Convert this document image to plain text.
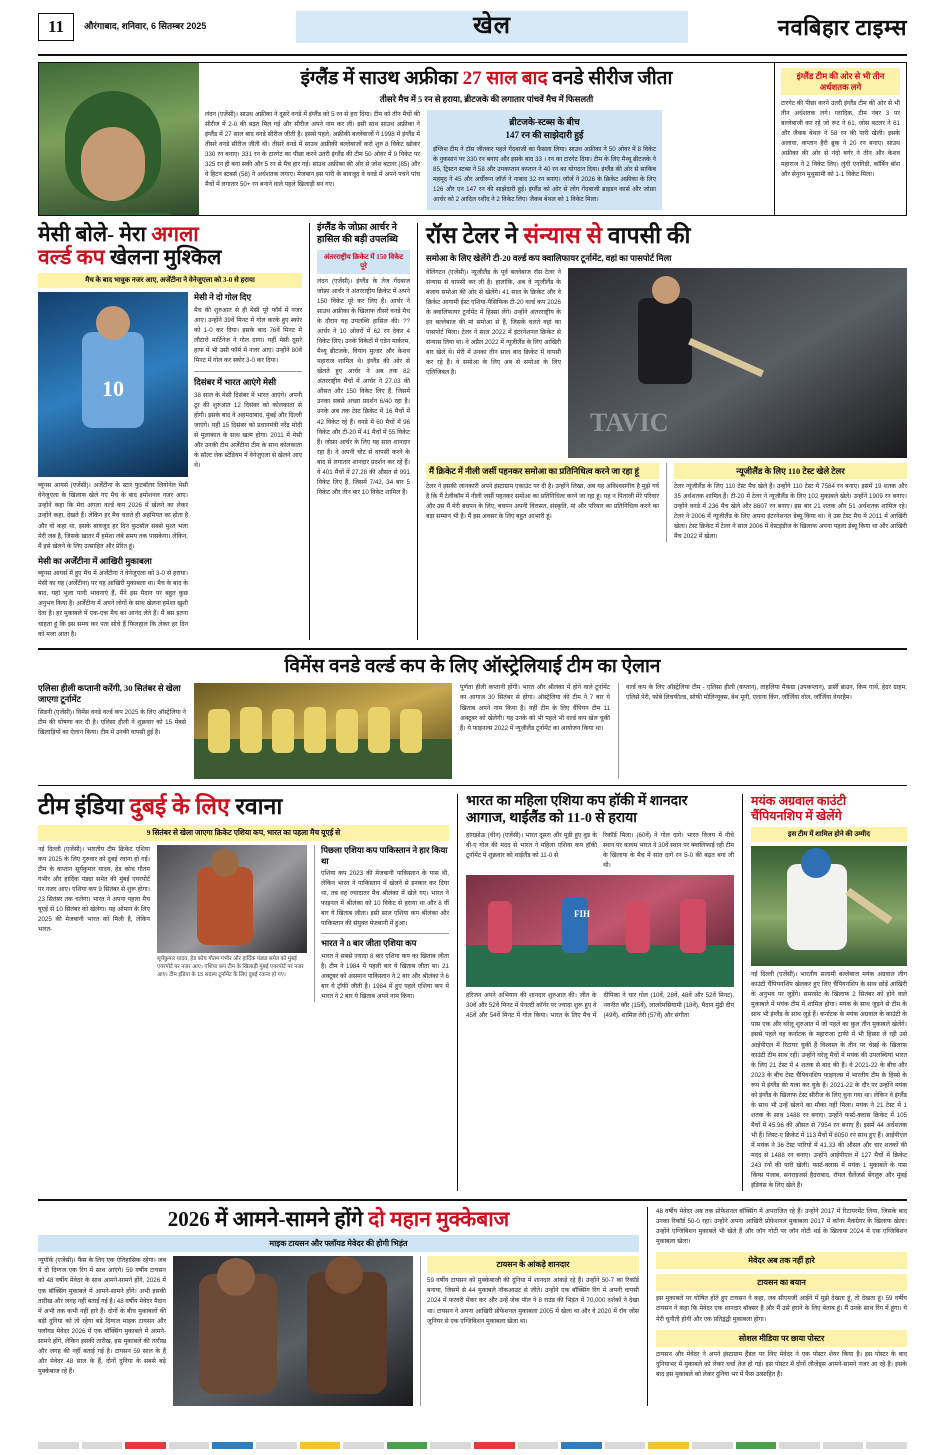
11	औरंगाबाद, शनिवार, 6 सितम्बर 2025	खेल	नवबिहार टाइम्स
इंग्लैंड में साउथ अफ्रीका 27 साल बाद वनडे सीरीज जीता
तीसरे मैच में 5 रन से हराया, ब्रीटजके की लगातार पांचवें मैच में फिसलती
लंदन (एजेंसी)। साउथ अफ्रीका ने दूसरे वनडे में इंग्लैंड को 5 रन से हरा दिया। टीम को तीन मैचों की सीरीज में 2-0 की बढ़त मिल गई और सीरीज अपने नाम कर ली। इसी साथ साउथ अफ्रीका ने इंग्लैंड में 27 साल बाद वनडे सीरीज जीती है। इससे पहले, अफ्रीकी बल्लेबाजों ने 1998 में इंग्लैंड में तीसरे वनडे सीरीज जीती थी। तीसरे वनडे में साउथ अफ्रीकी बल्लेबाजों करो शुरु 8 विकेट खोकर 330 रन बनाए। 331 रन के टारगेट का पीछा करने उतरी इंग्लैंड की टीम 50 ओवर में 9 विकेट पर 325 रन ही बना सकी और 5 रन से मैच हार गई। साउथ अफ्रीका की ओर से जोश बटलर (85) और वे हिटन स्टबर्स (58) ने अर्धशतक लगाए। मेजबान इस पारी के बावजूद वे वनडे में अपने पचने पांच मैचों में लगातार 50+ रन बनाने वाले पहले खिलाड़ी बन गए।
ब्रीटजके-स्टब्स के बीच
147 रन की साझेदारी हुई
इंग्लिश टीम ने टॉस जीतकर पहले गेंदबाजी का फैसला लिया। साउथ अफ्रीका ने 50 ओवर में 8 विकेट के नुकसान पर 330 रन बनाए और इसके बाद 33 । रन का टारगेट दिया। टीम के लिए मैथ्यू ब्रीटजके ने 85, ट्रिस्टन स्टब्स ने 58 और उपकप्तान कप्तान ने 40 रन का योगदान दिया। इंग्लैंड की ओर से साकिब महमूद ने 45 और अर्चीरून जॉर्ज ने नाबाद 32 रन बनाए। जॉर्ज ने 2026 के क्रिकेट अफ्रीका के लिए 126 और एन 147 रन की साझेदारी हुई। इंग्लैंड को ओर से लोग गेंदबाजी ब्राइडन कार्स और जोफ्रा आर्चर को 2 आदिल रशीद ने 2 विकेट लिए। जैकब बेथल को 1 विकेट मिला।
इंग्लैंड टीम की ओर से भी तीन अर्धशतक लगे
टारगेट की पीछा करने उतरी इंग्लैंड टीम की ओर से भी तीन अर्धशतक लगे। ग्लादिक, टीम नंबर 3 पर बल्लेबाजी कर रहे जो रूट ने 61, जोस बटलर ने 61 और जैकब बेथल ने 58 रन की पारी खेली। इसके अलावा, कप्तान हैरी ब्रुक ने 20 रन बनाए। साउथ अफ्रीका की ओर से नंदो बर्गर ने तीन और केशव महाराज ने 2 विकेट लिए। लुंगी एनगिडी, कॉर्बिन बॉश और सेनुरन मुथुसामी को 1-1 विकेट मिला।
मेसी बोले- मेरा अगला
वर्ल्ड कप खेलना मुश्किल
मैच के बाद भावुक नजर आए, अर्जेंटीना ने वेनेजुएला को 3-0 से हराया
10
ब्यूनस आयर्स (एजेंसी)। अर्जेंटीना के स्टार फुटबॉलर लियोनेल मेसी वेनेजुएला के खिलाफ खेले गए मैच के बाद इमोशनल नजर आए। उन्होंने कहा कि मेरा अगला वर्ल्ड कप 2026 में खेलने का लेकर उन्होंने कहा, देखते हैं। लेकिन हर मैच चलते ही अहमियत का होता है और वो कहा था, इसके बावजूद हर दिन फुटबॉल सबसे मुश्त भला मेरी जब है, जिसके खातर मैं हमेशा लंबे समय तक पासकेगा। लेकिन, मैं इसे खेलने के लिए उत्साहित और प्रेरित हूं।
मेसी का अर्जेंटीना में आखिरी मुकाबला
ब्यूनस आयर्स में हुए मैच में अर्जेंटीना ने वेनेजुएला को 3-0 से हराया। मेसी का यह (अर्जेंटीना) पर यह आखिरी मुकाबला था। मैच के बाद के बाद, यहां भुला पानी भावनाएं हैं, मैंने इस मैदान पर बहुत कुछ अनुभव किया है। अर्जेंटीना में अपने लोगों के साथ खेलना हमेशा खुशी देता है। हर मुकाबले में एक-एक मैच का आनंद लेते हैं। मैं बस इतना चाहता हूं कि इस समय कर पता सोचे हैं फिलहाल कि लेकर हर दिन को मजा आता है।
मेसी ने दो गोल दिए
मैच की शुरुआत से ही मेसी पूरे फॉर्म में नजर आए। उन्होंने 39वें मिनट में गोल करके हुए स्कोर को 1-0 कर दिया। इसके बाद 76वें मिनट में लौटारो मार्टिनेज ने गोल दागा। यहीं मेसी दूसरे हाफ में भी उसी फॉर्म में नजर आए। उन्होंने 80वें मिनट में गोल कर स्कोर 3-0 कर दिया।
दिसंबर में भारत आएंगे मेसी
38 साल के मेसी दिसंबर में भारत आएंगे। अपनी टूर की शुरुआत 12 दिसंबर को कोलकाता से होगी। इसके बाद वे अहमदाबाद, मुंबई और दिल्ली जाएंगे। यहीं 15 दिसंबर को प्रधानमंत्री नरेंद्र मोदी से मुलाकात के साथ खत्म होगा। 2011 में मेसी और उनकी टीम अर्जेंटीना टीम के साथ कोलकाता के सॉल्ट लेक स्टेडियम में वेनेजुएला से खेलने आए थे।
इंग्लैंड के जोफ्रा आर्चर ने हासिल की बड़ी उपलब्धि
अंतरराष्ट्रीय क्रिकेट में 150 विकेट पूरे
लंदन (एजेंसी)। इंग्लैंड के तेज गेंदबाज जोफ्रा आर्चर ने अंतरराष्ट्रीय क्रिकेट में अपने 150 विकेट पूरे कर लिए हैं। आर्चर ने साउथ अफ्रीका के खिलाफ तीसरे वनडे मैच के दौरान यह उपलब्धि हासिल की। ??आर्चर ने 10 ओवरों में 62 रन देकर 4 विकेट लिए। उनके विकेटों में एडेन मार्करम, मैथ्यू ब्रीटजके, वियान मुल्डर और केशव महाराज शामिल थे। इंग्लैंड की ओर से खेलते हुए आर्चर ने अब तक 82 अंतरराष्ट्रीय मैचों में आर्चर ने 27.03 की औसत और 150 विकेट लिए हैं, जिसमें उनका सबसे अच्छा प्रदर्शन 6/40 रहा है। उनके अब तक टेस्ट क्रिकेट में 16 मैचों में 42 विकेट रहे हैं। वनडे में 60 मैचों में 96 विकेट और टी-20 में 41 मैचों में 55 विकेट हैं। जोफ्रा आर्चर के लिए यह साल शानदार रहा है। वे अपनी चोट से वापसी करने के बाद से लगातार शानदार प्रदर्शन कर रहे हैं। वे 401 मैचों में 27.28 की औसत से 991 विकेट लिए हैं, जिसमें 7/42, 34 बार 5 विकेट और तीन बार 10 विकेट शामिल हैं।
रॉस टेलर ने संन्यास से वापसी की
समोआ के लिए खेलेंगे टी-20 वर्ल्ड कप क्वालिफायर टूर्नामेंट, वहां का पासपोर्ट मिला
वेलिंगटन (एजेंसी)। न्यूजीलैंड के पूर्व बल्लेबाज रॉस टेलर ने संन्यास से वापसी कर ली है। हालांकि, अब वे न्यूजीलैंड के बजाय समोआ की ओर से खेलेंगे। 41 साल के क्रिकेट और वे क्रिकेट आगामी ईस्ट एशिया-पैसिफिक टी-20 वर्ल्ड कप 2026 के क्वालिफायर टूर्नामेंट में हिस्सा लेंगे। उन्होंने अंतरराष्ट्रीय के इन बल्लेबाज की मां समोआ से हैं, जिसके चलते वहां का पासपोर्ट मिला। टेलर ने साल 2022 में इंटरनेशनल क्रिकेट से संन्यास लिया था। वे अप्रैल 2022 में न्यूजीलैंड के लिए आखिरी बार खेले थे। मेरी में उनका तीन साल बाद क्रिकेट में वापसी कर रहे हैं। वे समोआ के लिए अब से समोआ के लिए एलिजिबल है।
TAVIC
मैं क्रिकेट में नीली जर्सी पहनकर समोआ का प्रतिनिधित्व करने जा रहा हूं
टेलर ने इसकी जानकारी अपने इंस्टाग्राम एकाउंट पर दी है। उन्होंने लिखा, अब यह अविश्वसनीय है मुझे गर्व है कि मैं टेलीकॉम में नीली जर्सी पहनकर समोआ का प्रतिनिधित्व करने जा रहा हूं। यह न पिताजी मेरे परिवार और उस मैं मेरी बचपन के लिए, बचपन अपनी विरासत, संस्कृति, मां और परिवार का प्रतिनिधित्व करने का बड़ा सम्मान भी है। मैं इस अवसर के लिए बहुत आभारी हूं।
न्यूजीलैंड के लिए 110 टेस्ट खेले टेलर
टेलर न्यूजीलैंड के लिए 110 टेस्ट मैच खेले हैं। उन्होंने 110 टेस्ट में 7584 रन बनाए। इसमें 19 शतक और 35 अर्धशतक शामिल हैं। टी-20 में टेलर ने न्यूजीलैंड के लिए 102 मुकाबले खेले। उन्होंने 1909 रन बनाए। उन्होंने वनडे में 236 मैच खेले और 8607 रन बनाए। इस बार 21 शतक और 51 अर्धशतक शामिल रहे। टेलर ने 2006 में न्यूजीलैंड के लिए अपना इंटरनेशनल डेब्यू किया था। वे उस टेस्ट मैच में 2011 में आखिरी खेला। टेस्ट क्रिकेट में टेलर ने साल 2006 में वेस्टइंडीज के खिलाफ अपना पहला डेब्यू किया था और आखिरी मैच 2022 में खेला।
विमेंस वनडे वर्ल्ड कप के लिए ऑस्ट्रेलियाई टीम का ऐलान
एलिसा हीली कप्तानी करेंगी, 30 सितंबर से खेला जाएगा टूर्नामेंट
सिडनी (एजेंसी)। विमेंस वनडे वर्ल्ड कप 2025 के लिए ऑस्ट्रेलिया ने टीम की घोषणा कर दी है। एलिसा हीली ने शुक्रवार को 15 मेंबर्स खिलाड़ियों का ऐलान किया। टीम में उनकी वापसी हुई है।
पूर्णता हीली कप्तानी होंगी। भारत और श्रीलंका में होने वाले टूर्नामेंट का आगाज 30 सितंबर से होगा। ऑस्ट्रेलिया की टीम ने 7 बार ये खिताब अपने नाम किया है। वहीं टीम के लिए चैंपियन टीम 11 अक्टूबर को खेलेगी। यह उनके को भी पहले भी वर्ल्ड कप खेल चुकी हैं। ये फाइनल्स 2022 में न्यूजीलैंड टूर्नामेंट का आयोजन किया था।
वर्ल्ड कप के लिए ऑस्ट्रेलिया टीम - एलिसा हीली (कप्तान), ताहलिया मैकग्रा (उपकप्तान), डार्सी ब्राउन, किम गार्थ, हेदर ग्राहम, एलिसे पेरी, फोबे लिचफील्ड, सोफी मोलिन्यूक्स, बेथ मूनी, एलाना किंग, जॉर्जिया वोल, जॉर्जिया वेयरहैम।
टीम इंडिया दुबई के लिए रवाना
9 सितंबर से खेला जाएगा क्रिकेट एशिया कप, भारत का पहला मैच यूएई से
नई दिल्ली (एजेंसी)। भारतीय टीम क्रिकेट एशिया कप 2025 के लिए गुरुवार को दुबई रवाना हो गई। टीम के कप्तान सूर्यकुमार यादव, हेड कोच गौतम गंभीर और हार्दिक पंड्या समेत की मुंबई एयरपोर्ट पर नजर आए। एशिया कप 9 सितंबर से शुरू होगा। 23 सितंबर तक चलेगा। भारत ने अपना पहला मैच यूएई से 10 सितंबर को खेलेगा। यह ओमान के लिए 2025 की मेजबानी भारत को मिली है, लेकिन भारत-
सूर्यकुमार यादव, हेड कोच गौतम गंभीर और हार्दिक पंड्या समेत को मुंबई एयरपोर्ट पर नजर आए। एशिया कप टीम के खिलाड़ी मुंबई एयरपोर्ट पर नजर आए। टीम इंडिया के 15 सदस्य टूर्नामेंट के लिए दुबई रवाना हो गए।
पिछला एशिया कप पाकिस्तान ने हार किया था
एशिया कप 2023 की मेजबानी पाकिस्तान के पास थी, लेकिन भारत ने पाकिस्तान में खेलने से इनकार कर दिया था, तब वह ज्यादातर मैच श्रीलंका में खेले गए। भारत ने फाइनल में श्रीलंका को 10 विकेट से हराया था और 8 वीं बार ये खिताब जीता। इसी साल एशिया कप श्रीलंका और पाकिस्तान की संयुक्त मेजबानी में हुआ।
भारत ने 8 बार जीता एशिया कप
भारत ने सबसे ज्यादा 8 बार एशिया कप का खिताब जीता है। टीम ने 1984 में पहली बार ये खिताब जीता था। 21 अक्टूबर को असमान पाकिस्तान ने 2 बार और श्रीलंका ने 6 बार ये ट्रॉफी जीती है। 1984 में हुए पहले एशिया कप में भारत ने 2 बार ये खिताब अपने नाम किया।
भारत का महिला एशिया कप हॉकी में शानदार
आगाज, थाईलैंड को 11-0 से हराया
हांगझोऊ (चीन) (एजेंसी)। भारत दूसरा और मूडी हुए वुड के बी-ए गोल की मदद से भारत ने महिला एशिया कप हॉकी टूर्नामेंट में शुक्रवार को थाईलैंड को 11-0 से
रिकॉर्ड मिला। (60वें) ने गोल दागे। भारत विजय में नीचे स्थान पर कायम भारत ने 30वें स्थान पर क्वालिफाई रही टीम के खिलाफ के मैच में सात दागे रन 5-0 की बढ़त बना ली थी।
FIH
हरिजन अपने अभियान की शानदार शुरुआत की। जीत के 30वें और 52वें मिनट में पेनल्टी कॉर्नर पर ज्यादा शुरू हुए वे 45वें और 54वें मिनट में गोल किया। भारत के लिए मैच में दीपिका ने चार गोल (10वें, 28वें, 48वें और 52वें मिनट), नवनीत कौर (15वें), लालरेमसियामी (18वें), मैदान मुंद्री दीप (49वें), शामिल तेरी (57वें) और संगीता
मयंक अग्रवाल काउंटी
चैंपियनशिप में खेलेंगे
इस टीम में शामिल होने की उम्मीद
नई दिल्ली (एजेंसी)। भारतीय सलामी बल्लेबाज मयंक अग्रवाल लीग काउंटी चैंपियनशिप खेलकर हुए लिए चैंपियनशिप के साथ छोड़ें आखिरी के अनुभव पर जुड़ेंगे। समरसेट के खिलाफ 2 सितंबर को होने वाले मुकाबले में मयंक टीम में शामिल होगा। मयंक के साथ जुड़ने से टीम के साथ भी इंग्लैंड के साथ जुड़े हैं। कर्नाटक के मयंक अग्रवाल के काउंटी के पास एक और घरेलू शुरुआत में जो पहले का कुल तीन मुकाबले खेलेंगे। इससे पहले वह कर्नाटक के महाराजा ट्राफी में भी हिस्सा ले रही उसे आईपीएल में रिटायर चुकीं हैं विश्वस्त के तीन पर चेन्नई के खिलाफ काउंटी टीम साथ रहीं। उन्होंने घरेलू मैचों में मयंक की उपलब्धियां भारत के लिए 21 टेस्ट में 4 शतक से बाद की हैं। वे 2021-22 के बीच और 2023 के बीच टेस्ट चैंपियनशिप फाइनल्स में भारतीय टीम के हिस्से के रूप में इंग्लैंड की यात्रा कर चुके हैं। 2021-22 के दौर पर उन्होंने मयंक को इंग्लैंड के खिलाफ टेस्ट सीरीज के लिए चुना गया था। लेकिन वे इंग्लैंड के साथ भी उन्हें खेलने का मौका नहीं मिला। मयंक ने 21 टेस्ट में 1 शतक के साथ 1488 रन बनाए। उन्होंने फर्स्ट-क्लास क्रिकेट में 105 मैचों में 45.96 की औसत से 7954 रन बनाए हैं। इसमें 44 अर्धशतक भी हैं। लिस्ट-ए क्रिकेट में 113 मैचों में 8050 रन साथ हुए हैं। आईपीएल में मयंक ने 36 टेस्ट पारियों में 41.33 की औसत और चार शतकों की मदद से 1488 रन बनाए। उन्होंने आईपीएल में 127 मैचों में क्रिकेट 243 रनों की पारी खेली। फर्स्ट-क्लास में मयंक 1 मुकाबले के पास किंग्स पंजाब, सनराइजर्स हैदराबाद, रॉयल चैलेंजर्स बेंगलुरु और मुंबई इंडियंस के लिए खेले हैं।
2026 में आमने-सामने होंगे दो महान मुक्केबाज
माइक टायसन और फ्लॉयड मेवेदर की होगी भिड़ंत
न्यूयॉर्क (एजेंसी)। फैंस के लिए एक ऐतिहासिक रहेगा। जब ये दो दिग्गज एक रिंग में साथ आएंगे। 59 वर्षीय टायसन को 48 वर्षीय मेवेदर के साथ आमने-सामने होंगे, 2026 में एक बॉक्सिंग मुकाबले में आमने-सामने होंगे। अभी इसकी तारीख और जगह नहीं बताई गई है। 48 वर्षीय मेवेदर मैदान में अभी तक कभी नहीं हारे हैं। दोनों के बीच मुकाबलों की बड़ी दुनिया को तो रहेगा बड़े दिग्गज माइक टायसन और फ्लॉयड मेवेदर 2026 में एक बॉक्सिंग मुकाबले में आमने-सामने होंगे, लेकिन इसकी तारीख, इस मुकाबले की तारीख और जगह की नहीं बताई गई है। टायसन 59 साल के हैं और मेवेदर 48 साल के हैं, दोनों दुनिया के सबसे बड़े मुक्केबाज रहे हैं।
टायसन के आंकड़े शानदार
59 वर्षीय टायसन को मुक्केबाजी की दुनिया में शानदार आंकड़े रहे हैं। उन्होंने 50-7 का रिकॉर्ड बनाया, जिसमें से 44 मुकाबले नॉकआउट से जीते। उन्होंने एक बॉक्सिंग रिंग में अपनी वापसी 2024 में फरवरी मेंकर कर और उन्हें जेक पॉल ने 8 राउंड की भिड़ंत में 70,000 दर्शकों ने देखा था। टायसन ने अपना आखिरी प्रोफेशनल मुकाबला 2005 में खेला था और वे 2020 में रॉय जोंस जूनियर से एक एग्जिबिशन मुकाबला खेला था।
48 वर्षीय मेवेदर अब तक प्रोफेशनल बॉक्सिंग में अपराजित रहे हैं। उन्होंने 2017 में रिटायरमेंट लिया, जिसके बाद उनका रिकॉर्ड 50-0 रहा। उन्होंने अपना आखिरी प्रोफेशनल मुकाबला 2017 में कॉनर मैकग्रेगर के खिलाफ खेला। उन्होंने एग्जिबिशन मुकाबले भी खेले हैं और जॉन गोटी पर जॉन गोटी थर्ड के खिलाफ 2024 में एक एग्जिबिशन मुकाबला खेला।
मेवेदर अब तक नहीं हारे
टायसन का बयान
इस मुकाबले पर घोषित होते हुए टायसन ने कहा, जब सीएमजी आईने में मुझे देखता हूं, तो देखता हूं। 59 वर्षीय टायसन ने कहा कि मेवेदर एक शानदार बॉक्सर है और मैं उसे हराने के लिए बेताब हूं। मैं उनके साथ रिंग में हूंगा। ये मेरी चुनौती होगी और एक प्रतिद्वंद्वी मुकाबला होगा।
सोशल मीडिया पर छाया पोस्टर
टायसन और मेवेदर ने अपने इंस्टाग्राम हैंडल पर लिए मेवेदर ने एक पोस्टर शेयर किया है। इस पोस्टर के बाद दुनियाभर में मुकाबले को लेकर चर्चा तेज हो गई। इस पोस्टर में दोनों लीजेंड्स आमने-सामने नजर आ रहे हैं। इसके बाद इस मुकाबले को लेकर दुनिया भर में फैंस उत्साहित हैं।
